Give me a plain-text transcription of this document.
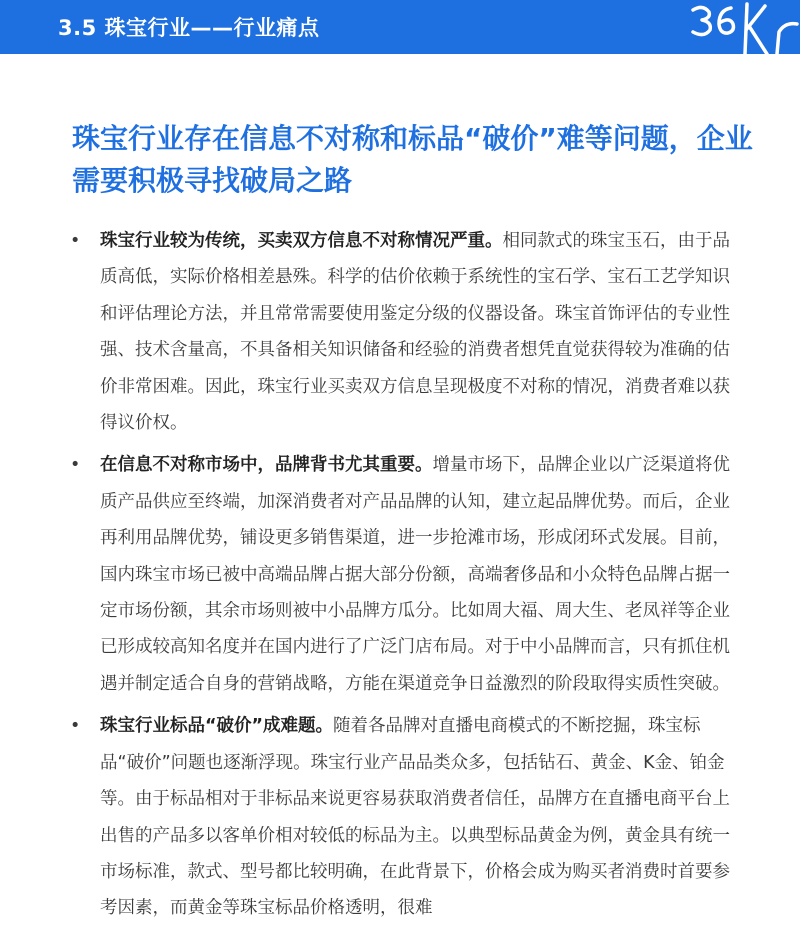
3.5 珠宝行业——行业痛点
珠宝行业存在信息不对称和标品“破价”难等问题，企业需要积极寻找破局之路
• 珠宝行业较为传统，买卖双方信息不对称情况严重。相同款式的珠宝玉石，由于品质高低，实际价格相差悬殊。科学的估价依赖于系统性的宝石学、宝石工艺学知识和评估理论方法，并且常常需要使用鉴定分级的仪器设备。珠宝首饰评估的专业性强、技术含量高，不具备相关知识储备和经验的消费者想凭直觉获得较为准确的估价非常困难。因此，珠宝行业买卖双方信息呈现极度不对称的情况，消费者难以获得议价权。
• 在信息不对称市场中，品牌背书尤其重要。增量市场下，品牌企业以广泛渠道将优质产品供应至终端，加深消费者对产品品牌的认知，建立起品牌优势。而后，企业再利用品牌优势，铺设更多销售渠道，进一步抢滩市场，形成闭环式发展。目前，国内珠宝市场已被中高端品牌占据大部分份额，高端奢侈品和小众特色品牌占据一定市场份额，其余市场则被中小品牌方瓜分。比如周大福、周大生、老凤祥等企业已形成较高知名度并在国内进行了广泛门店布局。对于中小品牌而言，只有抓住机遇并制定适合自身的营销战略，方能在渠道竞争日益激烈的阶段取得实质性突破。
• 珠宝行业标品“破价”成难题。随着各品牌对直播电商模式的不断挖掘，珠宝标品“破价”问题也逐渐浮现。珠宝行业产品品类众多，包括钻石、黄金、K金、铂金等。由于标品相对于非标品来说更容易获取消费者信任，品牌方在直播电商平台上出售的产品多以客单价相对较低的标品为主。以典型标品黄金为例，黄金具有统一市场标准，款式、型号都比较明确，在此背景下，价格会成为购买者消费时首要参考因素，而黄金等珠宝标品价格透明，很难
